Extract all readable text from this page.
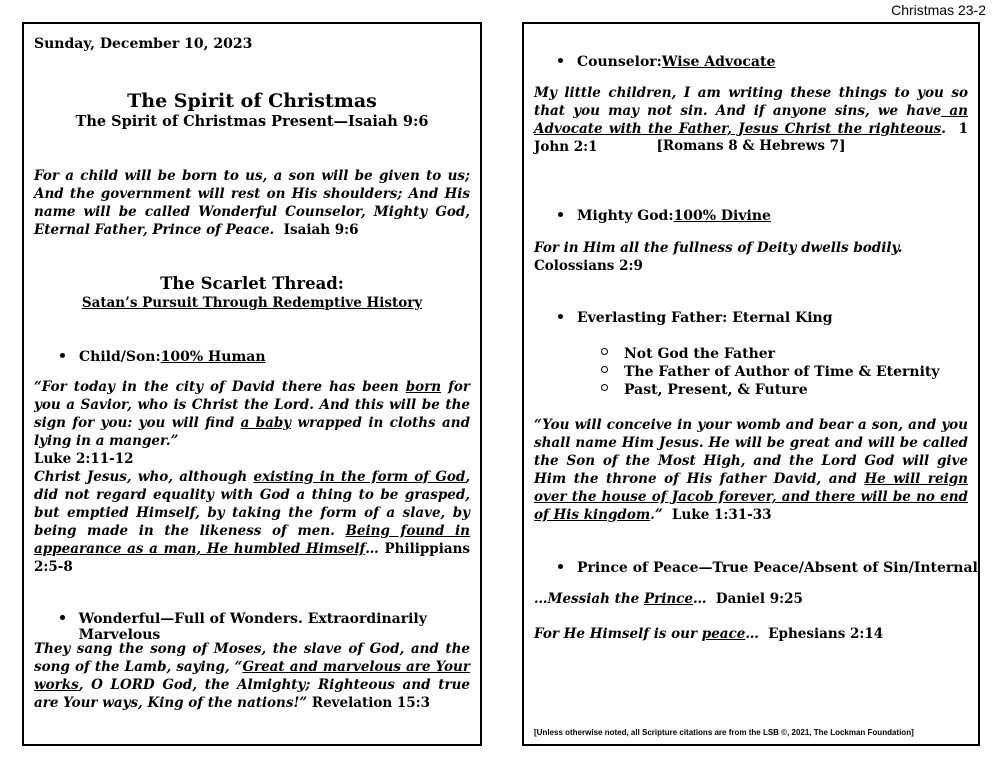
Christmas 23-2
Sunday, December 10, 2023
The Spirit of Christmas
The Spirit of Christmas Present—Isaiah 9:6

For a child will be born to us, a son will be given to us; And the government will rest on His shoulders; And His name will be called Wonderful Counselor, Mighty God, Eternal Father, Prince of Peace. Isaiah 9:6

The Scarlet Thread:
Satan’s Pursuit Through Redemptive History
Child/Son: 100% Human

“For today in the city of David there has been born for you a Savior, who is Christ the Lord. And this will be the sign for you: you will find a baby wrapped in cloths and lying in a manger.”
Luke 2:11-12

Christ Jesus, who, although existing in the form of God, did not regard equality with God a thing to be grasped, but emptied Himself, by taking the form of a slave, by being made in the likeness of men. Being found in appearance as a man, He humbled Himself… Philippians 2:5-8

Wonderful—Full of Wonders. Extraordinarily Marvelous

They sang the song of Moses, the slave of God, and the song of the Lamb, saying, “Great and marvelous are Your works, O LORD God, the Almighty; Righteous and true are Your ways, King of the nations!” Revelation 15:3

Counselor: Wise Advocate

My little children, I am writing these things to you so that you may not sin. And if anyone sins, we have an Advocate with the Father, Jesus Christ the righteous. 1 John 2:1	[Romans 8 & Hebrews 7]
Mighty God: 100% Divine

For in Him all the fullness of Deity dwells bodily.  Colossians 2:9

Everlasting Father: Eternal King
Not God the Father
The Father of Author of Time & Eternity
Past, Present, & Future

“You will conceive in your womb and bear a son, and you shall name Him Jesus. He will be great and will be called the Son of the Most High, and the Lord God will give Him the throne of His father David, and He will reign over the house of Jacob forever, and there will be no end of His kingdom.” Luke 1:31-33

Prince of Peace—True Peace/Absent of Sin/Internal

…Messiah the Prince… Daniel 9:25

For He Himself is our peace… Ephesians 2:14

[Unless otherwise noted, all Scripture citations are from the LSB ©, 2021, The Lockman Foundation]
